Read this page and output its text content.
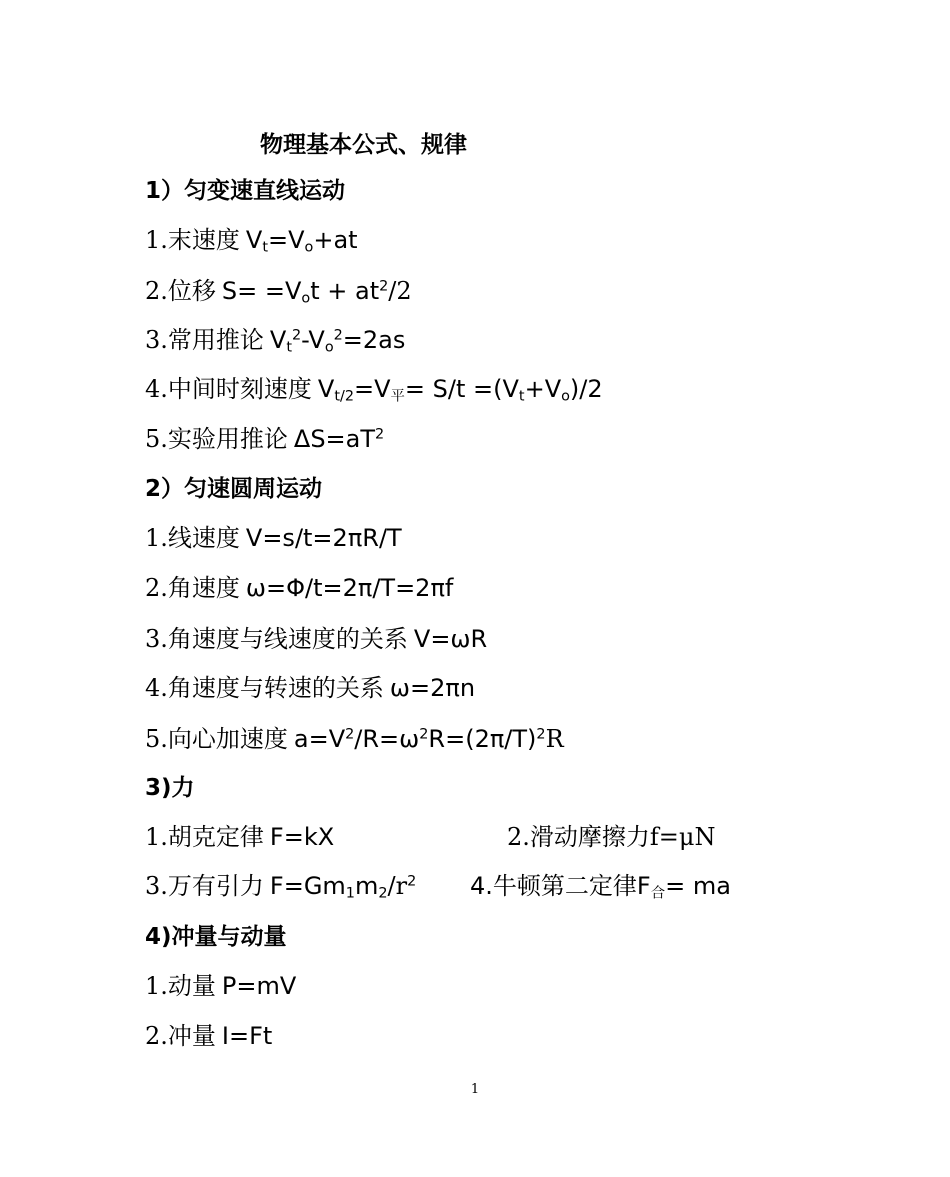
物理基本公式、规律
1）匀变速直线运动
1.末速度 $V_t=V_o+at$
2.位移 $S= =V_ot + at^2/2$
3.常用推论 $V_t^2-V_o^2=2as$
4.中间时刻速度 $V_{t/2}=V_平= S/t =(V_t+V_o)/2$
5.实验用推论 $\Delta S=aT^2$
2）匀速圆周运动
1.线速度 V=s/t=2πR/T
2.角速度 ω=Φ/t=2π/T=2πf
3.角速度与线速度的关系 V=ωR
4.角速度与转速的关系 ω=2πn
5.向心加速度 $a=V^2/R=\omega^2R=(2\pi/T)^2R$
3)力
1.胡克定律 F=kX	2.滑动摩擦力f=μN
3.万有引力 $F=Gm_1m_2/r^2$ 4.牛顿第二定律$F_合=$ ma
4)冲量与动量
1.动量 P=mV
2.冲量 I=Ft
1
